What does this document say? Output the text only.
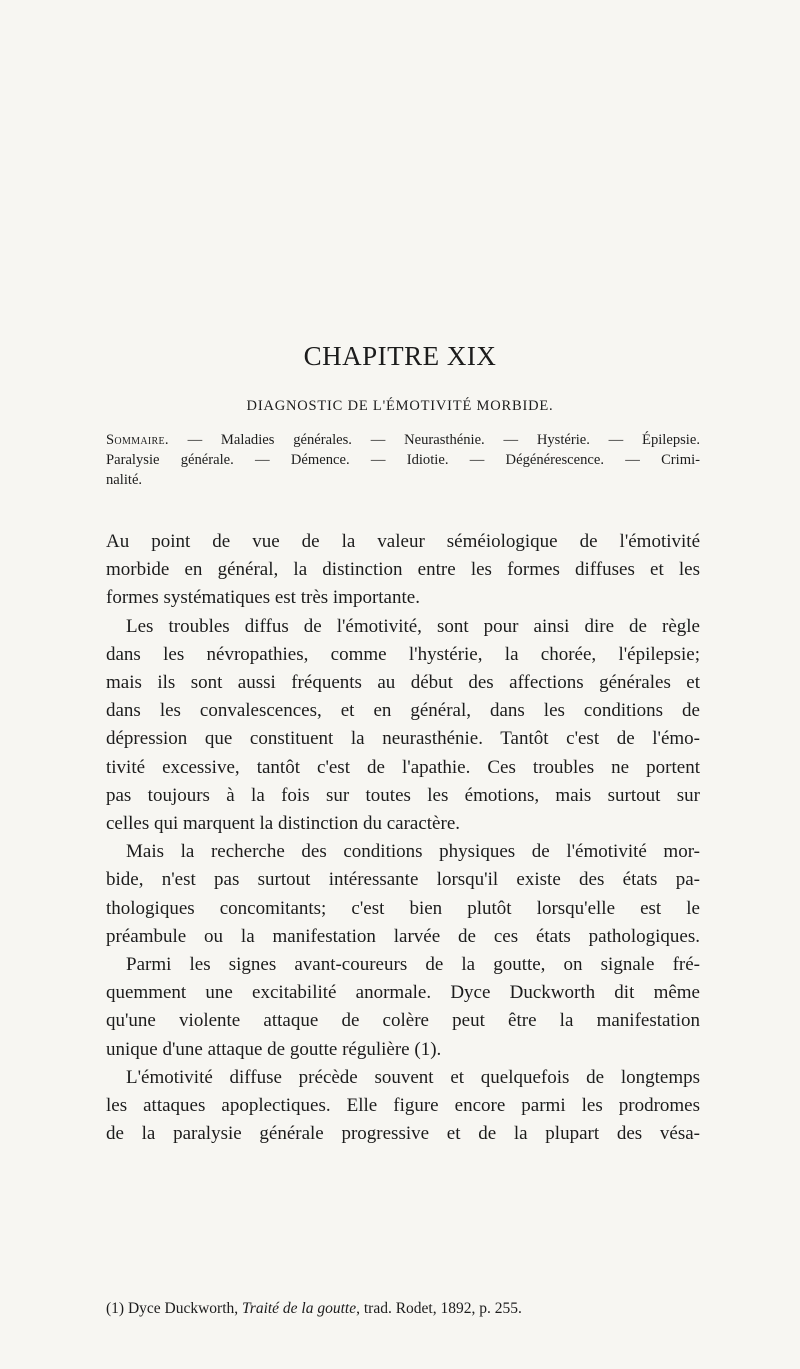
CHAPITRE XIX
DIAGNOSTIC DE L'ÉMOTIVITÉ MORBIDE.
Sommaire. — Maladies générales. — Neurasthénie. — Hystérie. — Épilepsie.
Paralysie générale. — Démence. — Idiotie. — Dégénérescence. — Crimi-
nalité.
Au point de vue de la valeur séméiologique de l'émotivité
morbide en général, la distinction entre les formes diffuses et les
formes systématiques est très importante.
Les troubles diffus de l'émotivité, sont pour ainsi dire de règle
dans les névropathies, comme l'hystérie, la chorée, l'épilepsie;
mais ils sont aussi fréquents au début des affections générales et
dans les convalescences, et en général, dans les conditions de
dépression que constituent la neurasthénie. Tantôt c'est de l'émo-
tivité excessive, tantôt c'est de l'apathie. Ces troubles ne portent
pas toujours à la fois sur toutes les émotions, mais surtout sur
celles qui marquent la distinction du caractère.
Mais la recherche des conditions physiques de l'émotivité mor-
bide, n'est pas surtout intéressante lorsqu'il existe des états pa-
thologiques concomitants; c'est bien plutôt lorsqu'elle est le
préambule ou la manifestation larvée de ces états pathologiques.
Parmi les signes avant-coureurs de la goutte, on signale fré-
quemment une excitabilité anormale. Dyce Duckworth dit même
qu'une violente attaque de colère peut être la manifestation
unique d'une attaque de goutte régulière (1).
L'émotivité diffuse précède souvent et quelquefois de longtemps
les attaques apoplectiques. Elle figure encore parmi les prodromes
de la paralysie générale progressive et de la plupart des vésa-
(1) Dyce Duckworth, Traité de la goutte, trad. Rodet, 1892, p. 255.
